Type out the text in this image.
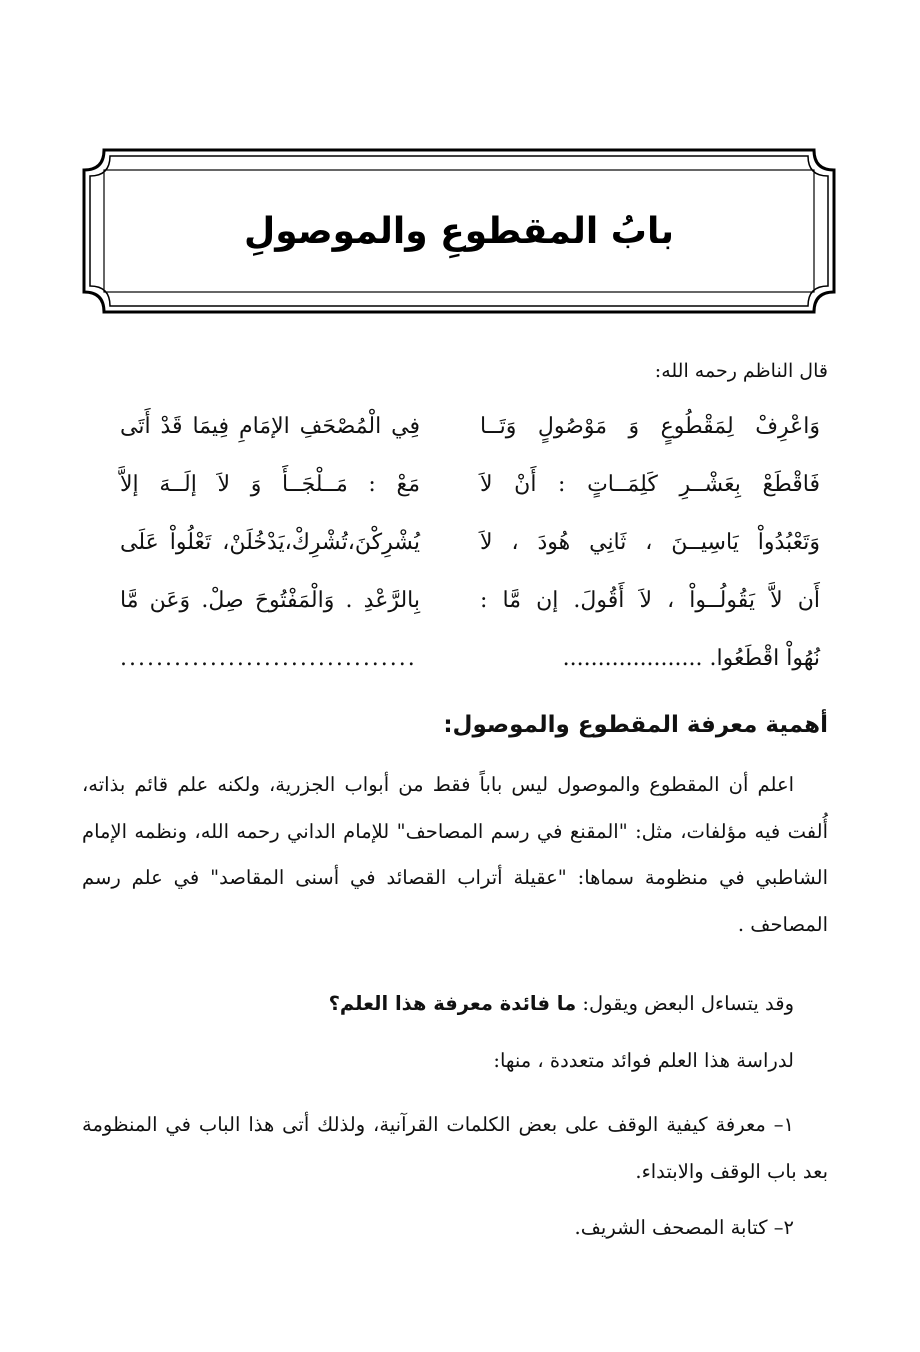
بابُ المقطوعِ والموصولِ
قال الناظم رحمه الله:
وَاعْرِفْ لِمَقْطُوعٍ وَ مَوْصُولٍ وَتَــا
فِي الْمُصْحَفِ الإمَامِ فِيمَا قَدْ أَتَى
فَاقْطَعْ بِعَشْــرِ كَلِمَــاتٍ : أَنْ لاَ
مَعْ : مَــلْجَــأَ وَ لاَ إلَــهَ إلاَّ
وَتَعْبُدُواْ يَاسِيــنَ ، ثَانِي هُودَ ، لاَ
يُشْرِكْنَ،تُشْرِكْ،يَدْخُلَنْ، تَعْلُواْ عَلَى
أَن لاَّ يَقُولُــواْ ، لاَ أَقُولَ. إن مَّا :
بِالرَّعْدِ . وَالْمَفْتُوحَ صِلْ. وَعَن مَّا
نُهُواْ اقْطَعُوا. ....................
.................................
أهمية معرفة المقطوع والموصول:

اعلم أن المقطوع والموصول ليس باباً فقط من أبواب الجزرية، ولكنه علم قائم بذاته، أُلفت فيه مؤلفات، مثل: "المقنع في رسم المصاحف" للإمام الداني رحمه الله، ونظمه الإمام الشاطبي في منظومة سماها: "عقيلة أتراب القصائد في أسنى المقاصد" في علم رسم المصاحف .

وقد يتساءل البعض ويقول: ما فائدة معرفة هذا العلم؟
لدراسة هذا العلم فوائد متعددة ، منها:

١– معرفة كيفية الوقف على بعض الكلمات القرآنية، ولذلك أتى هذا الباب في المنظومة بعد باب الوقف والابتداء.

٢– كتابة المصحف الشريف.
